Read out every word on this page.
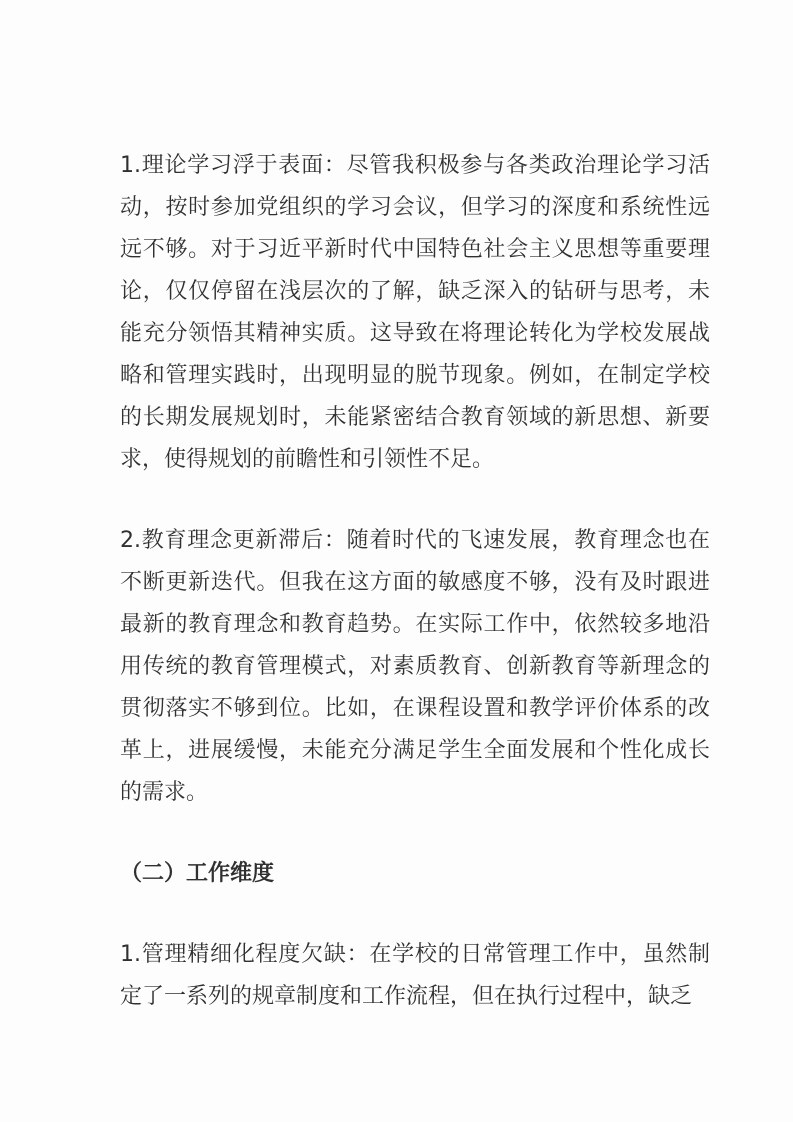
1.理论学习浮于表面：尽管我积极参与各类政治理论学习活动，按时参加党组织的学习会议，但学习的深度和系统性远远不够。对于习近平新时代中国特色社会主义思想等重要理论，仅仅停留在浅层次的了解，缺乏深入的钻研与思考，未能充分领悟其精神实质。这导致在将理论转化为学校发展战略和管理实践时，出现明显的脱节现象。例如，在制定学校的长期发展规划时，未能紧密结合教育领域的新思想、新要求，使得规划的前瞻性和引领性不足。

2.教育理念更新滞后：随着时代的飞速发展，教育理念也在不断更新迭代。但我在这方面的敏感度不够，没有及时跟进最新的教育理念和教育趋势。在实际工作中，依然较多地沿用传统的教育管理模式，对素质教育、创新教育等新理念的贯彻落实不够到位。比如，在课程设置和教学评价体系的改革上，进展缓慢，未能充分满足学生全面发展和个性化成长的需求。

（二）工作维度

1.管理精细化程度欠缺：在学校的日常管理工作中，虽然制定了一系列的规章制度和工作流程，但在执行过程中，缺乏
